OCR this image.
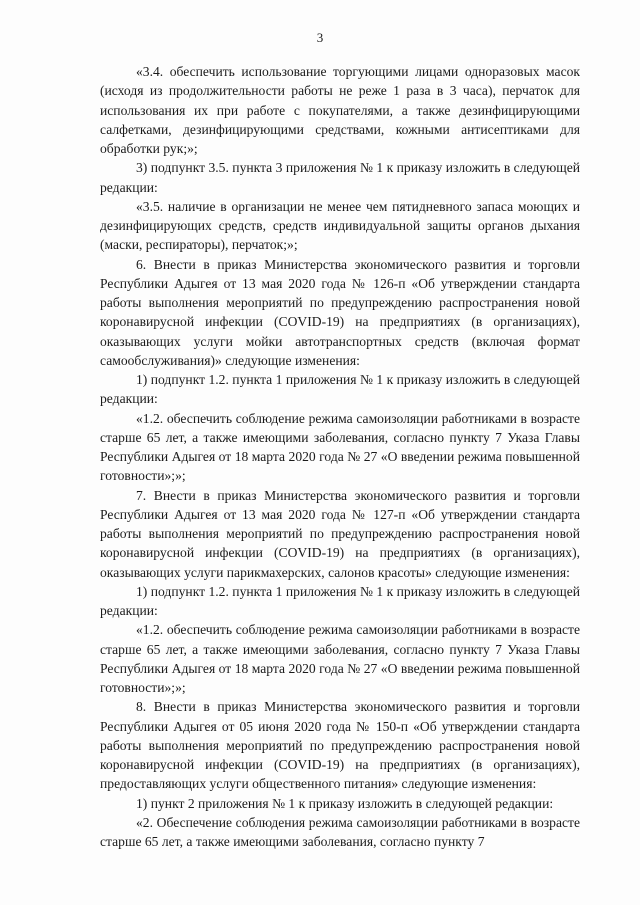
3

«3.4. обеспечить использование торгующими лицами одноразовых масок (исходя из продолжительности работы не реже 1 раза в 3 часа), перчаток для использования их при работе с покупателями, а также дезинфицирующими салфетками, дезинфицирующими средствами, кожными антисептиками для обработки рук;»;

3) подпункт 3.5. пункта 3 приложения № 1 к приказу изложить в следующей редакции:

«3.5. наличие в организации не менее чем пятидневного запаса моющих и дезинфицирующих средств, средств индивидуальной защиты органов дыхания (маски, респираторы), перчаток;»;

6. Внести в приказ Министерства экономического развития и торговли Республики Адыгея от 13 мая 2020 года № 126-п «Об утверждении стандарта работы выполнения мероприятий по предупреждению распространения новой коронавирусной инфекции (COVID-19) на предприятиях (в организациях), оказывающих услуги мойки автотранспортных средств (включая формат самообслуживания)» следующие изменения:

1) подпункт 1.2. пункта 1 приложения № 1 к приказу изложить в следующей редакции:

«1.2. обеспечить соблюдение режима самоизоляции работниками в возрасте старше 65 лет, а также имеющими заболевания, согласно пункту 7 Указа Главы Республики Адыгея от 18 марта 2020 года № 27 «О введении режима повышенной готовности»;»;

7. Внести в приказ Министерства экономического развития и торговли Республики Адыгея от 13 мая 2020 года № 127-п «Об утверждении стандарта работы выполнения мероприятий по предупреждению распространения новой коронавирусной инфекции (COVID-19) на предприятиях (в организациях), оказывающих услуги парикмахерских, салонов красоты» следующие изменения:

1) подпункт 1.2. пункта 1 приложения № 1 к приказу изложить в следующей редакции:

«1.2. обеспечить соблюдение режима самоизоляции работниками в возрасте старше 65 лет, а также имеющими заболевания, согласно пункту 7 Указа Главы Республики Адыгея от 18 марта 2020 года № 27 «О введении режима повышенной готовности»;»;

8. Внести в приказ Министерства экономического развития и торговли Республики Адыгея от 05 июня 2020 года № 150-п «Об утверждении стандарта работы выполнения мероприятий по предупреждению распространения новой коронавирусной инфекции (COVID-19) на предприятиях (в организациях), предоставляющих услуги общественного питания» следующие изменения:

1) пункт 2 приложения № 1 к приказу изложить в следующей редакции:

«2. Обеспечение соблюдения режима самоизоляции работниками в возрасте старше 65 лет, а также имеющими заболевания, согласно пункту 7
